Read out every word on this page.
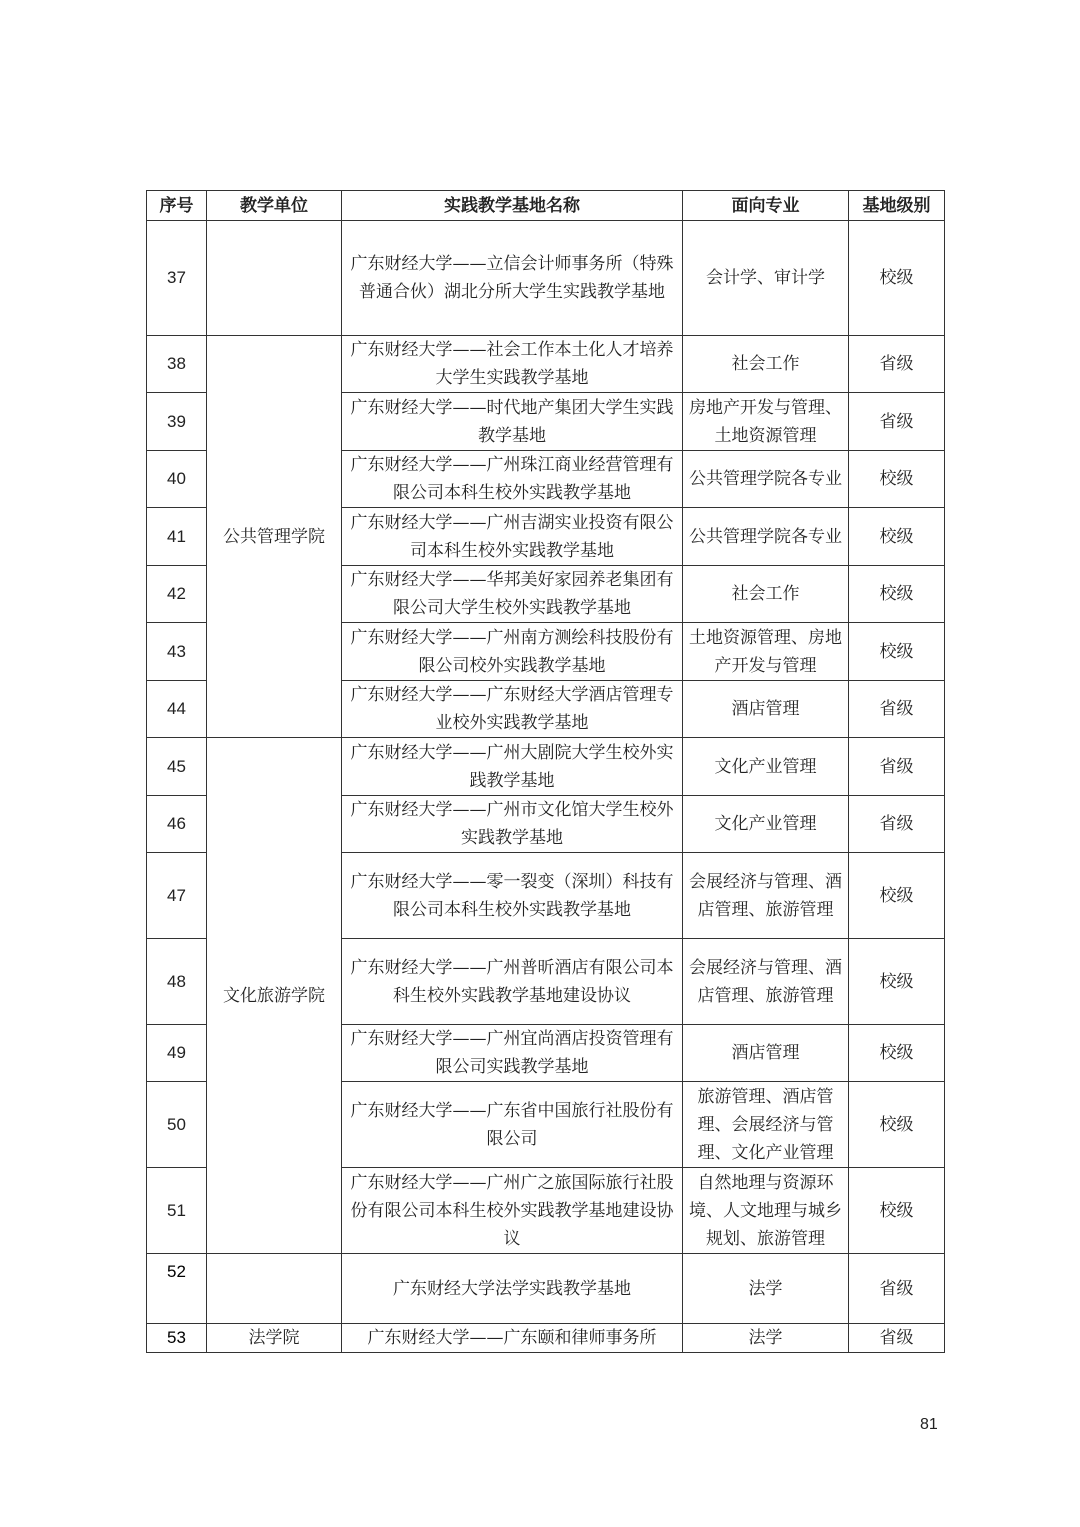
序号	教学单位	实践教学基地名称	面向专业	基地级别
37		广东财经大学——立信会计师事务所（特殊普通合伙）湖北分所大学生实践教学基地	会计学、审计学	校级
38	公共管理学院	广东财经大学——社会工作本土化人才培养大学生实践教学基地	社会工作	省级
39		广东财经大学——时代地产集团大学生实践教学基地	房地产开发与管理、土地资源管理	省级
40		广东财经大学——广州珠江商业经营管理有限公司本科生校外实践教学基地	公共管理学院各专业	校级
41		广东财经大学——广州吉湖实业投资有限公司本科生校外实践教学基地	公共管理学院各专业	校级
42		广东财经大学——华邦美好家园养老集团有限公司大学生校外实践教学基地	社会工作	校级
43		广东财经大学——广州南方测绘科技股份有限公司校外实践教学基地	土地资源管理、房地产开发与管理	校级
44		广东财经大学——广东财经大学酒店管理专业校外实践教学基地	酒店管理	省级
45	文化旅游学院	广东财经大学——广州大剧院大学生校外实践教学基地	文化产业管理	省级
46		广东财经大学——广州市文化馆大学生校外实践教学基地	文化产业管理	省级
47		广东财经大学——零一裂变（深圳）科技有限公司本科生校外实践教学基地	会展经济与管理、酒店管理、旅游管理	校级
48		广东财经大学——广州普昕酒店有限公司本科生校外实践教学基地建设协议	会展经济与管理、酒店管理、旅游管理	校级
49		广东财经大学——广州宜尚酒店投资管理有限公司实践教学基地	酒店管理	校级
50		广东财经大学——广东省中国旅行社股份有限公司	旅游管理、酒店管理、会展经济与管理、文化产业管理	校级
51		广东财经大学——广州广之旅国际旅行社股份有限公司本科生校外实践教学基地建设协议	自然地理与资源环境、人文地理与城乡规划、旅游管理	校级
52		广东财经大学法学实践教学基地	法学	省级
53	法学院	广东财经大学——广东颐和律师事务所	法学	省级
81
